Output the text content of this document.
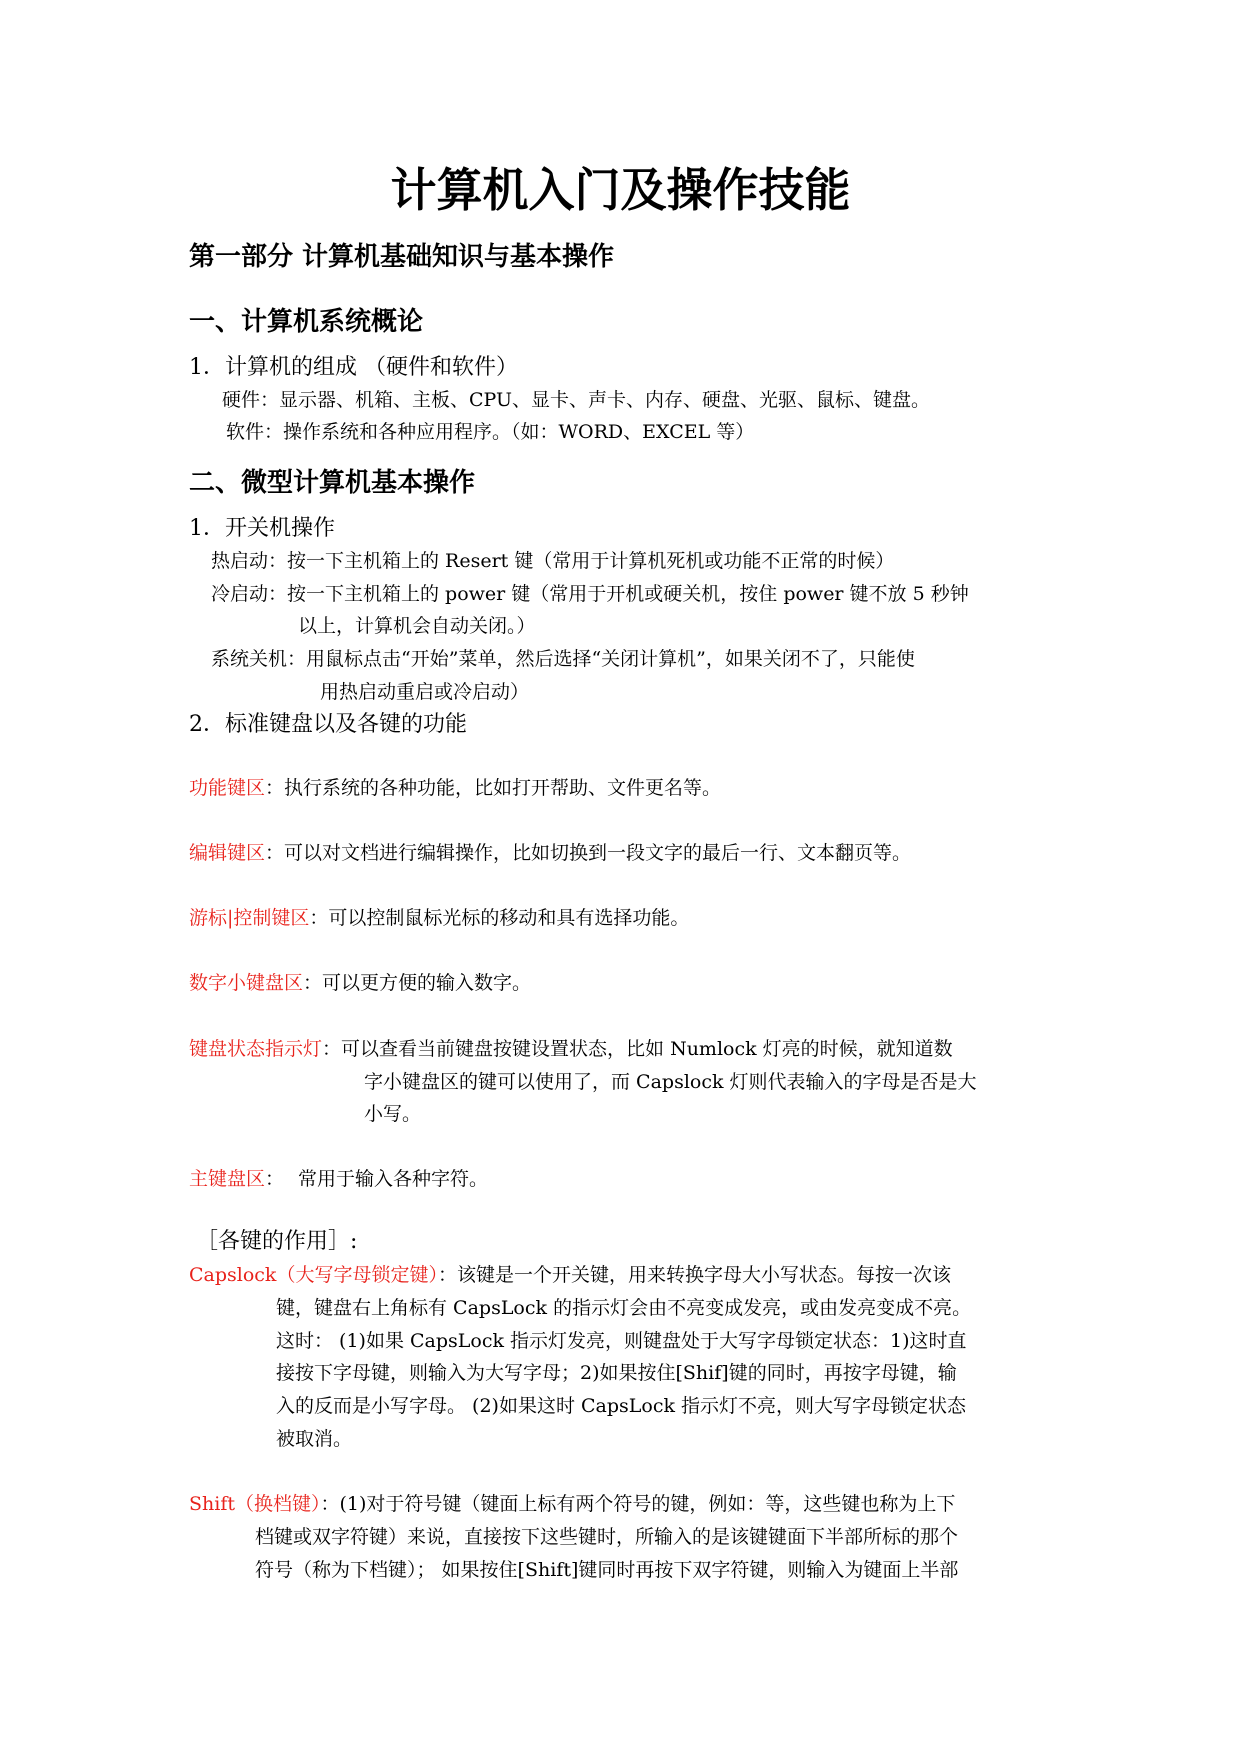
计算机入门及操作技能
第一部分 计算机基础知识与基本操作
一、计算机系统概论
1．计算机的组成 （硬件和软件）
硬件：显示器、机箱、主板、CPU、显卡、声卡、内存、硬盘、光驱、鼠标、键盘。
软件：操作系统和各种应用程序。（如：WORD、EXCEL 等）
二、微型计算机基本操作
1．开关机操作
热启动：按一下主机箱上的 Resert 键（常用于计算机死机或功能不正常的时候）
冷启动：按一下主机箱上的 power 键（常用于开机或硬关机，按住 power 键不放 5 秒钟
以上，计算机会自动关闭。）
系统关机：用鼠标点击“开始”菜单，然后选择“关闭计算机”，如果关闭不了，只能使
用热启动重启或冷启动）
2．标准键盘以及各键的功能
功能键区：执行系统的各种功能，比如打开帮助、文件更名等。
编辑键区：可以对文档进行编辑操作，比如切换到一段文字的最后一行、文本翻页等。
游标|控制键区：可以控制鼠标光标的移动和具有选择功能。
数字小键盘区：可以更方便的输入数字。
键盘状态指示灯：可以查看当前键盘按键设置状态，比如 Numlock 灯亮的时候，就知道数
字小键盘区的键可以使用了，而 Capslock 灯则代表输入的字母是否是大
小写。
主键盘区： 常用于输入各种字符。
［各键的作用］:
Capslock（大写字母锁定键）：该键是一个开关键，用来转换字母大小写状态。每按一次该
键，键盘右上角标有 CapsLock 的指示灯会由不亮变成发亮，或由发亮变成不亮。
这时： (1)如果 CapsLock 指示灯发亮，则键盘处于大写字母锁定状态：1)这时直
接按下字母键，则输入为大写字母；2)如果按住[Shif]键的同时，再按字母键，输
入的反而是小写字母。 (2)如果这时 CapsLock 指示灯不亮，则大写字母锁定状态
被取消。
Shift（换档键）：(1)对于符号键（键面上标有两个符号的键，例如：等，这些键也称为上下
档键或双字符键）来说，直接按下这些键时，所输入的是该键键面下半部所标的那个
符号（称为下档键）； 如果按住[Shift]键同时再按下双字符键，则输入为键面上半部
